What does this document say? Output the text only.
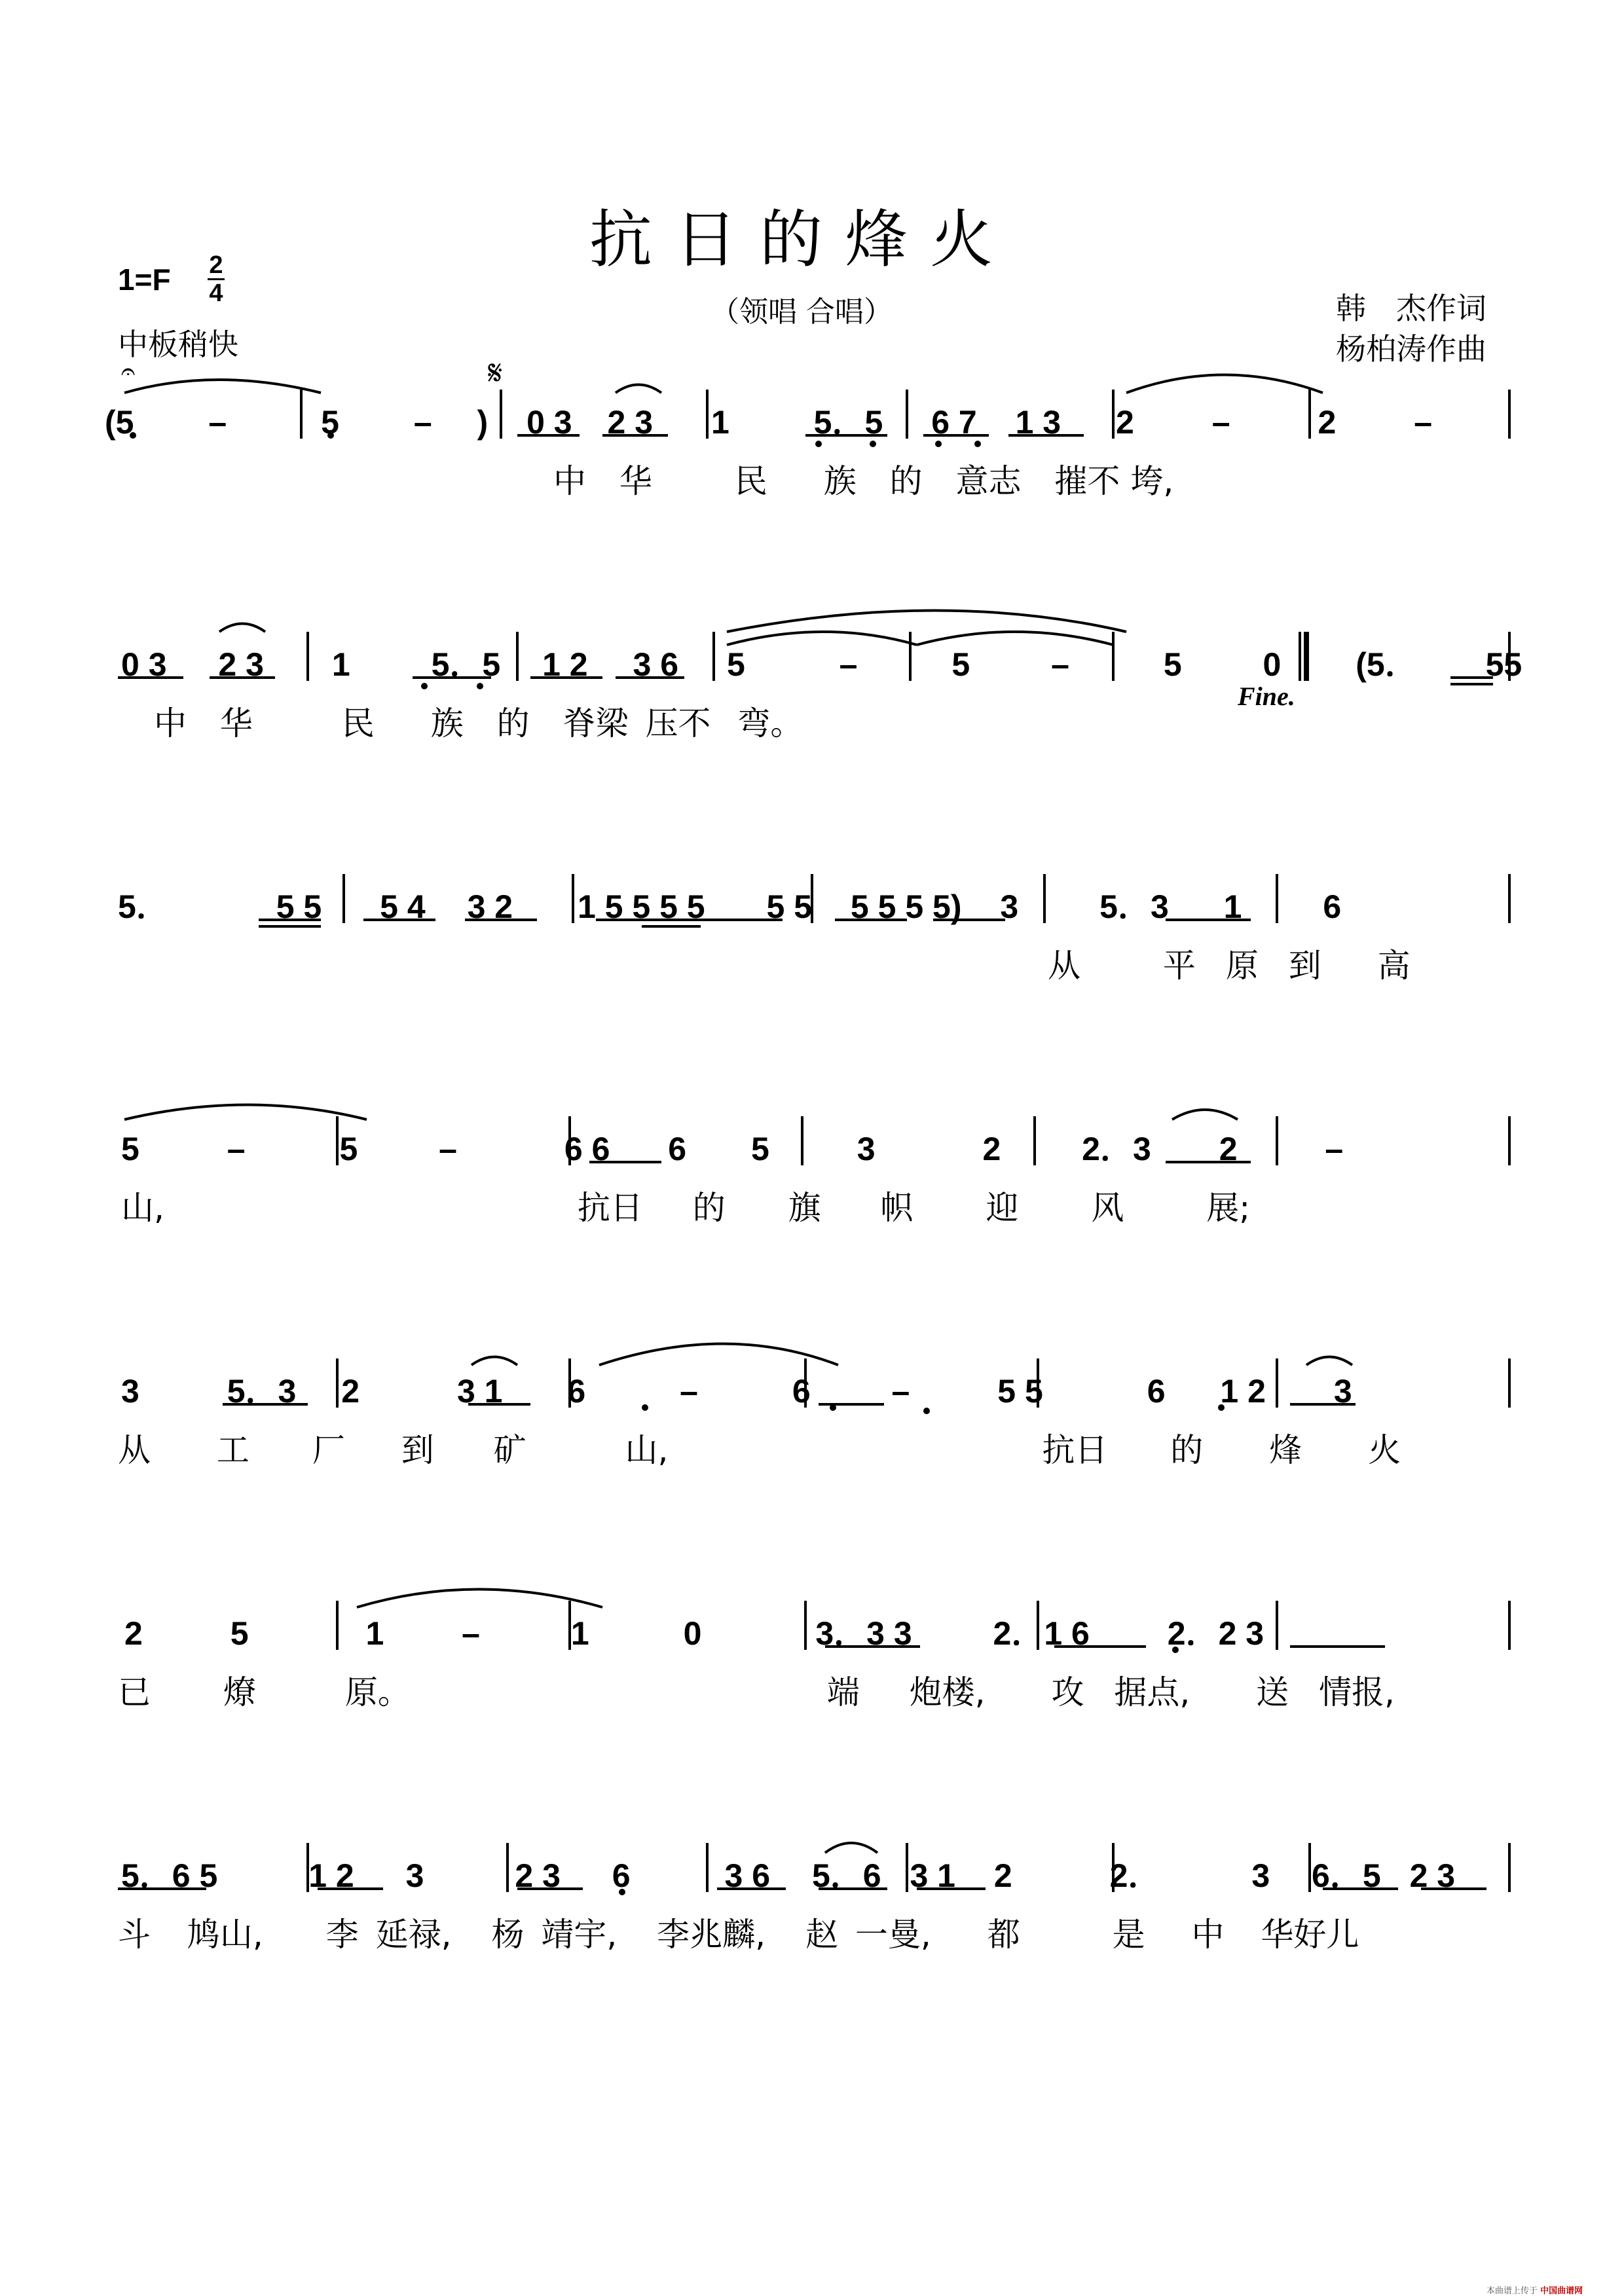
抗日的烽火
（领唱 合唱）
1=F 2
4
中板稍快
韩　杰作词
杨柏涛作曲
𝄐	𝄋
(5 –	5 – ) 0 3 2 3 1	5．5 6 7 1 3 2 –	2 –
中 华	民 族 的 意志 摧不 垮,
0 3 2 3 1 5．5 1 2 3 6 5	–	5 –	5 0 (5． 55
Fine.
中 华	民 族 的 脊梁 压不 弯。
5．	5 5 5 4 3 2 1 5 5 5 5 5 5 5 5 5 5) 3 5．3 1 6
从	平 原 到 高
5	–	5 –	6 6 6 5	3	2 2．3 2	–
山,	抗日 的 旗 帜 迎 风	展;
3	5．3 2	3 1 6	–	6 –	5 5	6 1 2 3
从 工 厂 到 矿	山,	抗日 的 烽 火
2	5	1 –	1	0	3．3 3 2．1 6 2．2 3
已 燎	原。	端 炮楼, 攻 据点, 送 情报,
5．6 5	1 2 3	2 3 6	3 6 5．6 3 1 2	2．	3 6．5 2 3
斗 鸠山, 李 延禄, 杨 靖宇, 李兆麟, 赵 一曼, 都	是 中 华好儿
本曲谱上传于 中国曲谱网
